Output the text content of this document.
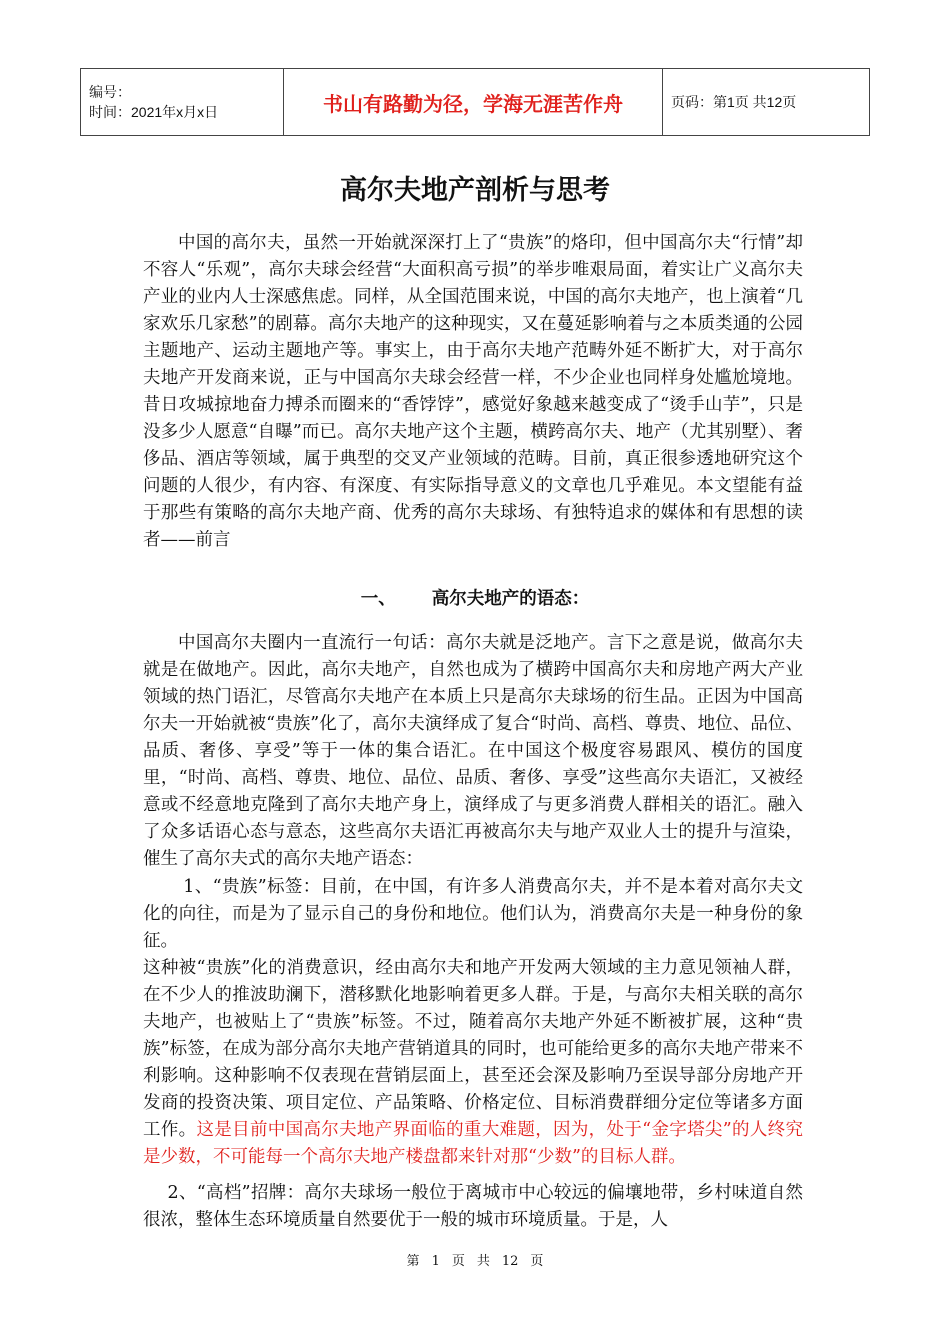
编号：
时间：2021年x月x日	书山有路勤为径，学海无涯苦作舟	页码：第1页 共12页
高尔夫地产剖析与思考

中国的高尔夫，虽然一开始就深深打上了“贵族”的烙印，但中国高尔夫“行情”却不容人“乐观”，高尔夫球会经营“大面积高亏损”的举步唯艰局面，着实让广义高尔夫产业的业内人士深感焦虑。同样，从全国范围来说，中国的高尔夫地产，也上演着“几家欢乐几家愁”的剧幕。高尔夫地产的这种现实，又在蔓延影响着与之本质类通的公园主题地产、运动主题地产等。事实上，由于高尔夫地产范畴外延不断扩大，对于高尔夫地产开发商来说，正与中国高尔夫球会经营一样，不少企业也同样身处尴尬境地。昔日攻城掠地奋力搏杀而圈来的“香饽饽”，感觉好象越来越变成了“烫手山芋”，只是没多少人愿意“自曝”而已。高尔夫地产这个主题，横跨高尔夫、地产（尤其别墅）、奢侈品、酒店等领域，属于典型的交叉产业领域的范畴。目前，真正很参透地研究这个问题的人很少，有内容、有深度、有实际指导意义的文章也几乎难见。本文望能有益于那些有策略的高尔夫地产商、优秀的高尔夫球场、有独特追求的媒体和有思想的读者——前言

一、 高尔夫地产的语态：

中国高尔夫圈内一直流行一句话：高尔夫就是泛地产。言下之意是说，做高尔夫就是在做地产。因此，高尔夫地产，自然也成为了横跨中国高尔夫和房地产两大产业领域的热门语汇，尽管高尔夫地产在本质上只是高尔夫球场的衍生品。正因为中国高尔夫一开始就被“贵族”化了，高尔夫演绎成了复合“时尚、高档、尊贵、地位、品位、品质、奢侈、享受”等于一体的集合语汇。在中国这个极度容易跟风、模仿的国度里，“时尚、高档、尊贵、地位、品位、品质、奢侈、享受”这些高尔夫语汇，又被经意或不经意地克隆到了高尔夫地产身上，演绎成了与更多消费人群相关的语汇。融入了众多话语心态与意态，这些高尔夫语汇再被高尔夫与地产双业人士的提升与渲染，催生了高尔夫式的高尔夫地产语态：

1、“贵族”标签：目前，在中国，有许多人消费高尔夫，并不是本着对高尔夫文化的向往，而是为了显示自己的身份和地位。他们认为，消费高尔夫是一种身份的象征。

这种被“贵族”化的消费意识，经由高尔夫和地产开发两大领域的主力意见领袖人群，在不少人的推波助澜下，潜移默化地影响着更多人群。于是，与高尔夫相关联的高尔夫地产，也被贴上了“贵族”标签。不过，随着高尔夫地产外延不断被扩展，这种“贵族”标签，在成为部分高尔夫地产营销道具的同时，也可能给更多的高尔夫地产带来不利影响。这种影响不仅表现在营销层面上，甚至还会深及影响乃至误导部分房地产开发商的投资决策、项目定位、产品策略、价格定位、目标消费群细分定位等诸多方面工作。这是目前中国高尔夫地产界面临的重大难题，因为，处于“金字塔尖”的人终究是少数，不可能每一个高尔夫地产楼盘都来针对那“少数”的目标人群。

2、“高档”招牌：高尔夫球场一般位于离城市中心较远的偏壤地带，乡村味道自然很浓，整体生态环境质量自然要优于一般的城市环境质量。于是，人

第 1 页 共 12 页
